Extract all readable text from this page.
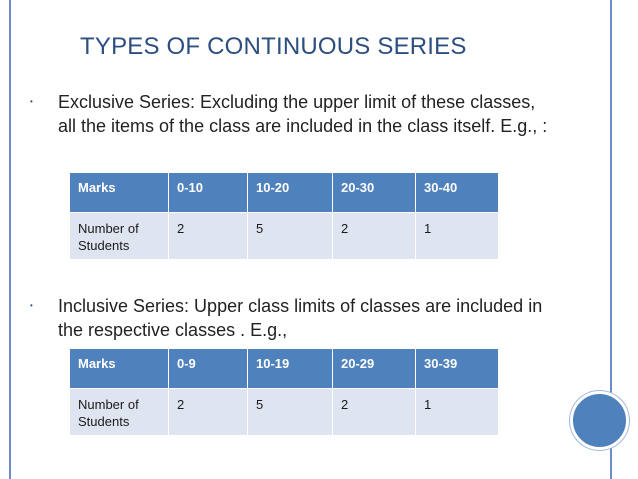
TYPES OF CONTINUOUS SERIES
• Exclusive Series: Excluding the upper limit of these classes, all the items of the class are included in the class itself. E.g., :
Marks	0-10	10-20	20-30	30-40
Number of Students	2	5	2	1
• Inclusive Series: Upper class limits of classes are included in the respective classes . E.g.,
Marks	0-9	10-19	20-29	30-39
Number of Students	2	5	2	1
